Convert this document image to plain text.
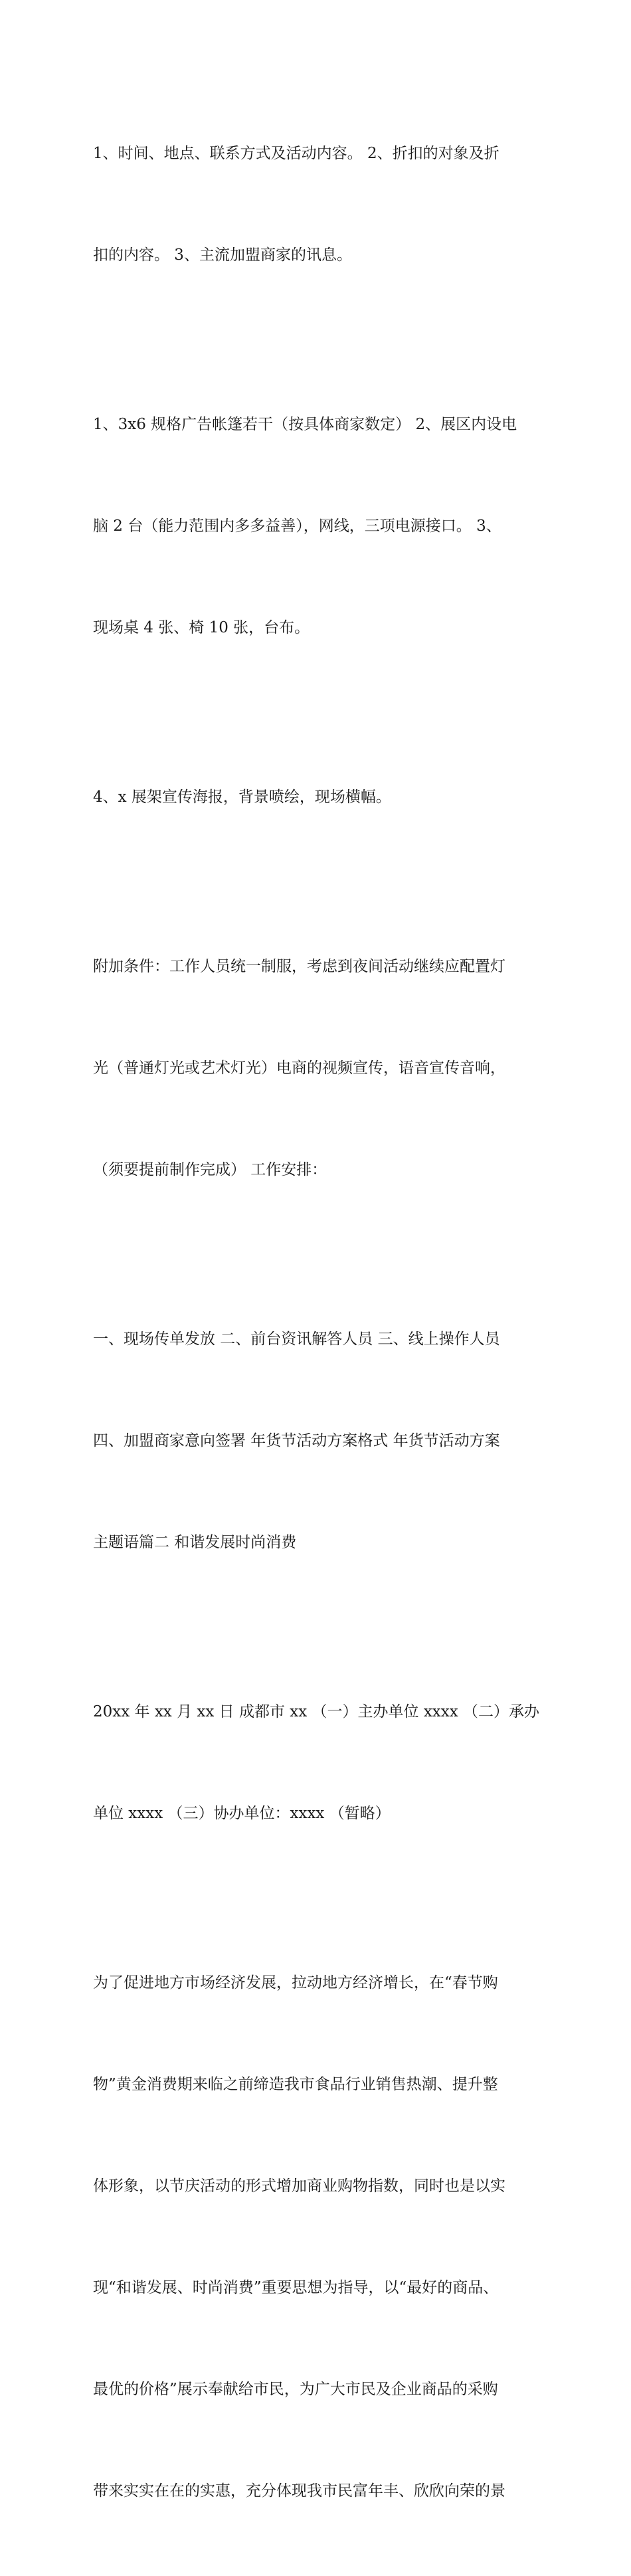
1、时间、地点、联系方式及活动内容。 2、折扣的对象及折

扣的内容。 3、主流加盟商家的讯息。

1、3x6 规格广告帐篷若干（按具体商家数定） 2、展区内设电

脑 2 台（能力范围内多多益善），网线，三项电源接口。 3、

现场桌 4 张、椅 10 张，台布。

4、x 展架宣传海报，背景喷绘，现场横幅。

附加条件：工作人员统一制服，考虑到夜间活动继续应配置灯

光（普通灯光或艺术灯光）电商的视频宣传，语音宣传音响，

（须要提前制作完成） 工作安排：

一、现场传单发放 二、前台资讯解答人员 三、线上操作人员

四、加盟商家意向签署 年货节活动方案格式 年货节活动方案

主题语篇二 和谐发展时尚消费

20xx 年 xx 月 xx 日 成都市 xx （一）主办单位 xxxx （二）承办

单位 xxxx （三）协办单位：xxxx （暂略）

为了促进地方市场经济发展，拉动地方经济增长，在“春节购

物”黄金消费期来临之前缔造我市食品行业销售热潮、提升整

体形象，以节庆活动的形式增加商业购物指数，同时也是以实

现“和谐发展、时尚消费”重要思想为指导，以“最好的商品、

最优的价格”展示奉献给市民，为广大市民及企业商品的采购

带来实实在在的实惠，充分体现我市民富年丰、欣欣向荣的景
